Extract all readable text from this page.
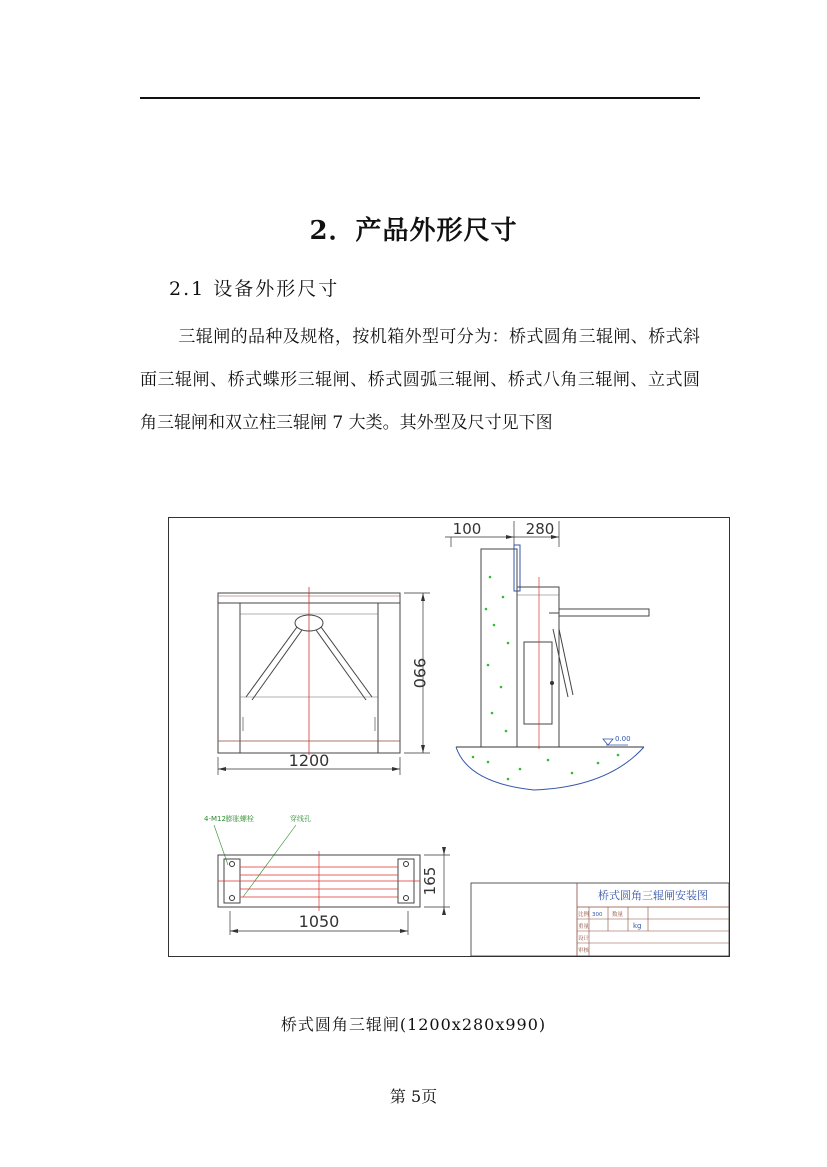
2．产品外形尺寸
2.1 设备外形尺寸
三辊闸的品种及规格，按机箱外型可分为：桥式圆角三辊闸、桥式斜面三辊闸、桥式蝶形三辊闸、桥式圆弧三辊闸、桥式八角三辊闸、立式圆角三辊闸和双立柱三辊闸 7 大类。其外型及尺寸见下图
1200
990
100	280
0.00
4-M12膨胀螺栓	穿线孔
1050
165
桥式圆角三辊闸安装图
比例 300 数量
重量	kg
设计
审核
桥式圆角三辊闸(1200x280x990)
第 5页
